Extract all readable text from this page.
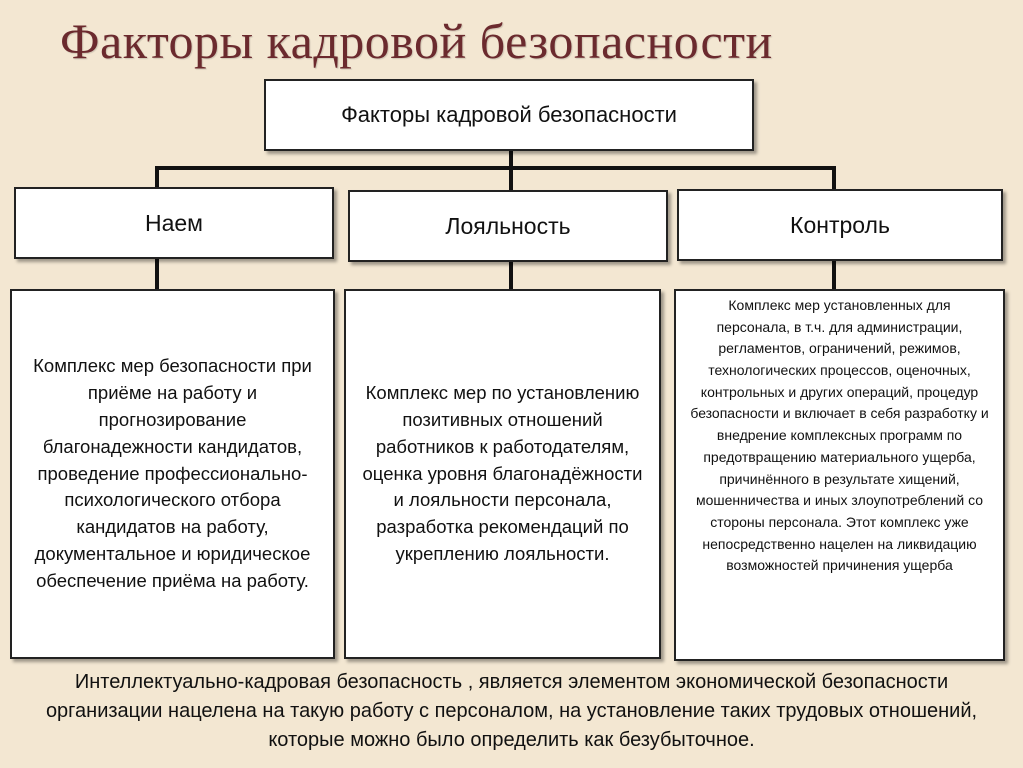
Факторы кадровой безопасности
Факторы кадровой безопасности
Наем	Лояльность	Контроль
Комплекс мер безопасности при приёме на работу и прогнозирование благонадежности кандидатов, проведение профессионально-психологического отбора кандидатов на работу, документальное и юридическое обеспечение приёма на работу.
Комплекс мер по установлению позитивных отношений работников к работодателям, оценка уровня благонадёжности и лояльности персонала, разработка рекомендаций по укреплению лояльности.
Комплекс мер установленных для персонала, в т.ч. для администрации, регламентов, ограничений, режимов, технологических процессов, оценочных, контрольных и других операций, процедур безопасности и включает в себя разработку и внедрение комплексных программ по предотвращению материального ущерба, причинённого в результате хищений, мошенничества и иных злоупотреблений со стороны персонала. Этот комплекс уже непосредственно нацелен на ликвидацию возможностей причинения ущерба
Интеллектуально-кадровая безопасность , является элементом экономической безопасности организации нацелена на такую работу с персоналом, на установление таких трудовых отношений, которые можно было определить как безубыточное.
